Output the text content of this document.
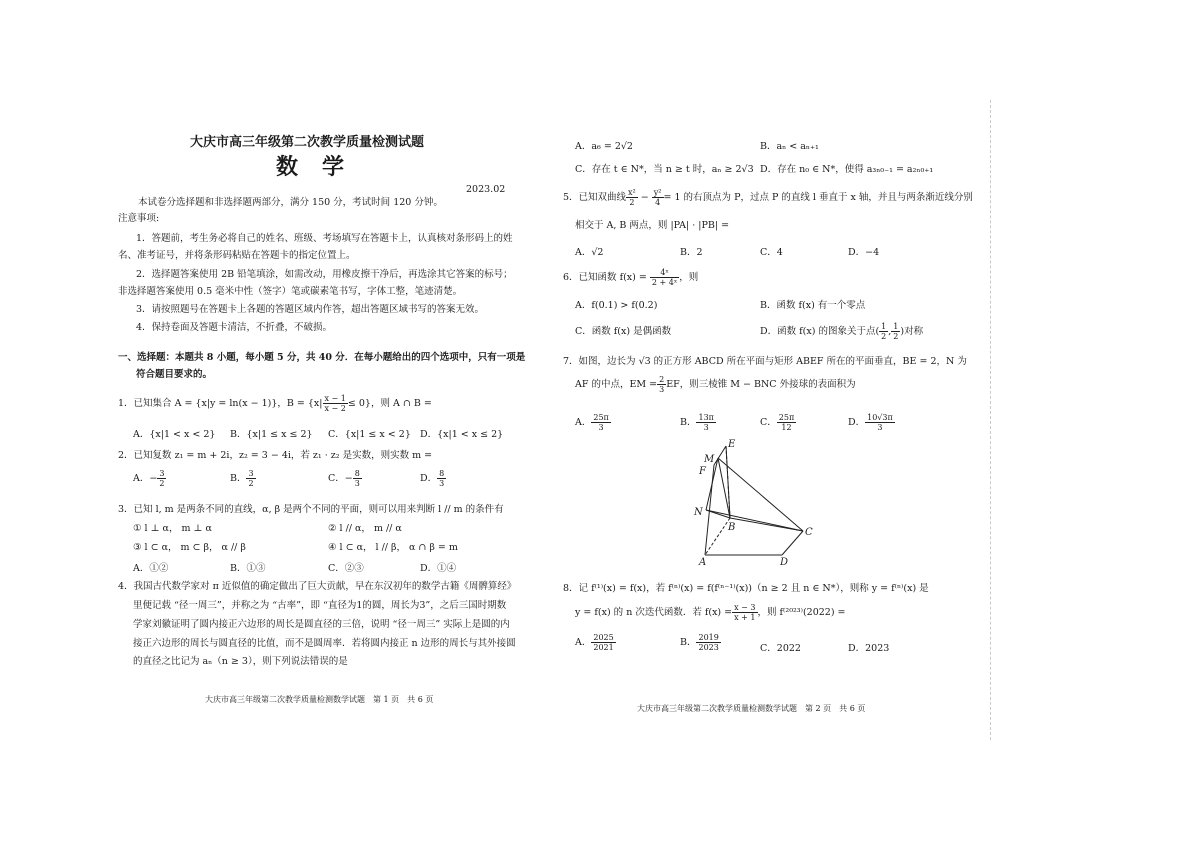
大庆市高三年级第二次教学质量检测试题
数学
2023.02
本试卷分选择题和非选择题两部分，满分 150 分，考试时间 120 分钟。
注意事项:
1．答题前，考生务必将自己的姓名、班级、考场填写在答题卡上，认真核对条形码上的姓
名、准考证号，并将条形码粘贴在答题卡的指定位置上。
2．选择题答案使用 2B 铅笔填涂，如需改动，用橡皮擦干净后，再选涂其它答案的标号；
非选择题答案使用 0.5 毫米中性（签字）笔或碳素笔书写，字体工整，笔迹清楚。
3．请按照题号在答题卡上各题的答题区域内作答，超出答题区域书写的答案无效。
4．保持卷面及答题卡清洁，不折叠，不破损。
一、选择题：本题共 8 小题，每小题 5 分，共 40 分．在每小题给出的四个选项中，只有一项是
符合题目要求的。
1．已知集合 A = {x|y = ln(x − 1)}，$B = \{x| \frac{x - 1}{x - 2} \le 0\}$，则 A ∩ B =
A．{x|1 < x < 2} B．{x|1 ≤ x ≤ 2} C．{x|1 ≤ x < 2} D．{x|1 < x ≤ 2}
2．已知复数 z₁ = m + 2i，z₂ = 3 − 4i，若 z₁ · z₂ 是实数，则实数 m =
A．− $\frac{3}{2}$	B． $\frac{3}{2}$	C．− $\frac{8}{3}$	D． $\frac{8}{3}$
3．已知 l, m 是两条不同的直线，α, β 是两个不同的平面，则可以用来判断 l // m 的条件有
① l ⊥ α， m ⊥ α	② l // α， m // α
③ l ⊂ α， m ⊂ β， α // β	④ l ⊂ α， l // β， α ∩ β = m
A．①②	B．①③	C．②③	D．①④
4．我国古代数学家对 π 近似值的确定做出了巨大贡献，早在东汉初年的数学古籍《周髀算经》
里便记载 “径一周三”，并称之为 “古率”，即 “直径为1的圆，周长为3”，之后三国时期数
学家刘徽证明了圆内接正六边形的周长是圆直径的三倍，说明 “径一周三” 实际上是圆的内
接正六边形的周长与圆直径的比值，而不是圆周率．若将圆内接正 n 边形的周长与其外接圆
的直径之比记为 aₙ（n ≥ 3），则下列说法错误的是
大庆市高三年级第二次教学质量检测数学试题　第 1 页　共 6 页
A．a₆ = 2√2	B．aₙ < aₙ₊₁
C．存在 t ∈ N*，当 n ≥ t 时，aₙ ≥ 2√3 D．存在 n₀ ∈ N*，使得 a₃ₙ₀₋₁ = a₂ₙ₀₊₁
5．已知双曲线 $\frac{\text{x²}}{2} - \frac{\text{y²}}{4} = 1$ 的右顶点为 P，过点 P 的直线 l 垂直于 x 轴，并且与两条渐近线分别
相交于 A, B 两点，则 |PA| · |PB| =
A．√2	B．2	C．4	D．−4
6．已知函数 $f(x) = \frac{\text{4ˣ}}{\text{2 + 4ˣ}}$ ，则
A．f(0.1) > f(0.2)	B．函数 f(x) 有一个零点
C．函数 f(x) 是偶函数	D．函数 f(x) 的图象关于点( $\frac{1}{2}$ , $\frac{1}{2}$ )对称
7．如图，边长为 √3 的正方形 ABCD 所在平面与矩形 ABEF 所在的平面垂直，BE = 2，N 为
AF 的中点，EM = $\frac{2}{3}$ EF，则三棱锥 M − BNC 外接球的表面积为
A． $\frac{25\pi}{3}$	B． $\frac{13\pi}{3}$	C． $\frac{25\pi}{12}$	D． $\frac{10√3\pi}{3}$
E
M
F
N
B	C
A	D
8．记 f⁽¹⁾(x) = f(x)，若 f⁽ⁿ⁾(x) = f(f⁽ⁿ⁻¹⁾(x))（n ≥ 2 且 n ∈ N*），则称 y = f⁽ⁿ⁾(x) 是
y = f(x) 的 n 次迭代函数．若 $f(x) = \frac{x - 3}{x + 1}$ ，则 f⁽²⁰²³⁾(2022) =
A． $\frac{2025}{2021}$	B． $\frac{2019}{2023}$	C．2022	D．2023
大庆市高三年级第二次教学质量检测数学试题　第 2 页　共 6 页
